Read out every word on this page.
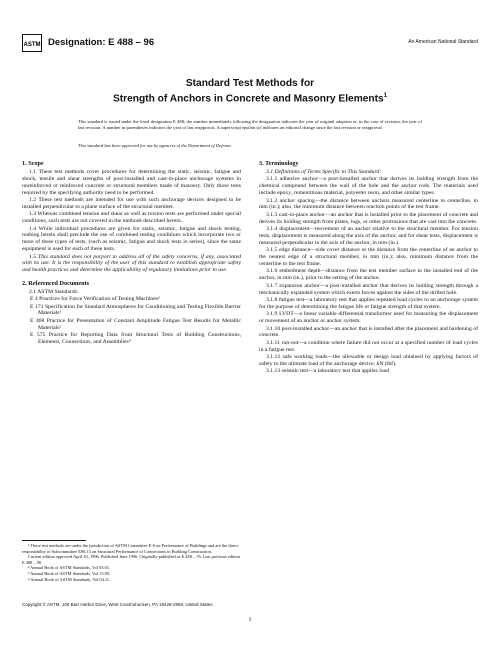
ASTM Designation: E 488 – 96	An American National Standard
Standard Test Methods for
Strength of Anchors in Concrete and Masonry Elements$^1$
This standard is issued under the fixed designation E 488; the number immediately following the designation indicates the year of original adoption or, in the case of revision, the year of last revision. A number in parentheses indicates the year of last reapproval. A superscript epsilon (ε) indicates an editorial change since the last revision or reapproval.
This standard has been approved for use by agencies of the Department of Defense.
1. Scope

1.1 These test methods cover procedures for determining the static, seismic, fatigue and shock, tensile and shear strengths of post-installed and cast-in-place anchorage systems in unreinforced or reinforced concrete or structural members made of masonry. Only those tests required by the specifying authority need to be performed.

1.2 These test methods are intended for use with such anchorage devices designed to be installed perpendicular to a plane surface of the structural member.

1.3 Whereas combined tension and shear as well as torsion tests are performed under special conditions, such tests are not covered in the methods described herein.

1.4 While individual procedures are given for static, seismic, fatigue and shock testing, nothing herein shall preclude the use of combined testing conditions which incorporate two or more of these types of tests, (such as seismic, fatigue and shock tests in series), since the same equipment is used for each of these tests.

1.5 This standard does not purport to address all of the safety concerns, if any, associated with its use. It is the responsibility of the user of this standard to establish appropriate safety and health practices and determine the applicability of regulatory limitations prior to use.

2. Referenced Documents

2.1 ASTM Standards:

E 4 Practices for Force Verification of Testing Machines²

E 171 Specification for Standard Atmospheres for Conditioning and Testing Flexible Barrier Materials³

E 468 Practice for Presentation of Constant Amplitude Fatigue Test Results for Metallic Materials²

E 575 Practice for Reporting Data from Structural Tests of Building Constructions, Elements, Connections, and Assemblies⁴

3. Terminology

3.1 Definitions of Terms Specific to This Standard:

3.1.1 adhesive anchor—a post-installed anchor that derives its holding strength from the chemical compound between the wall of the hole and the anchor rods. The materials used include epoxy, cementitious material, polyester resin, and other similar types.

3.1.2 anchor spacing—the distance between anchors measured centerline to centerline, in mm (in.); also, the minimum distance between reaction points of the test frame.

3.1.3 cast-in-place anchor—an anchor that is installed prior to the placement of concrete and derives its holding strength from plates, lugs, or other protrusions that are cast into the concrete.

3.1.4 displacement—movement of an anchor relative to the structural member. For tension tests, displacement is measured along the axis of the anchor, and for shear tests, displacement is measured perpendicular to the axis of the anchor, in mm (in.).

3.1.5 edge distance—side cover distance or the distance from the centerline of an anchor to the nearest edge of a structural member, in mm (in.); also, minimum distance from the centerline to the test frame.

3.1.6 embedment depth—distance from the test member surface to the installed end of the anchor, in mm (in.), prior to the setting of the anchor.

3.1.7 expansion anchor—a post-installed anchor that derives its holding strength through a mechanically expanded system which exerts forces against the sides of the drilled hole.

3.1.8 fatigue test—a laboratory test that applies repeated load cycles to an anchorage system for the purpose of determining the fatigue life or fatigue strength of that system.

3.1.9 LVDT—a linear variable differential transformer used for measuring the displacement or movement of an anchor or anchor system.

3.1.10 post-installed anchor—an anchor that is installed after the placement and hardening of concrete.

3.1.11 run-out—a condition where failure did not occur at a specified number of load cycles in a fatigue test.

3.1.12 safe working loads—the allowable or design load obtained by applying factors of safety to the ultimate load of the anchorage device, kN (lbf).

3.1.13 seismic test—a laboratory test that applies load

¹ These test methods are under the jurisdiction of ASTM Committee E-6 on Performance of Buildings and are the direct responsibility of Subcommittee E06.13 on Structural Performance of Connections in Building Construction.

Current edition approved April 10, 1996. Published June 1996. Originally published as E 488 – 76. Last previous edition E 488 – 90.

² Annual Book of ASTM Standards, Vol 03.01.

³ Annual Book of ASTM Standards, Vol 15.09.

⁴ Annual Book of ASTM Standards, Vol 04.11.

Copyright © ASTM, 100 Barr Harbor Drive, West Conshohocken, PA 19428-2959, United States.
1
